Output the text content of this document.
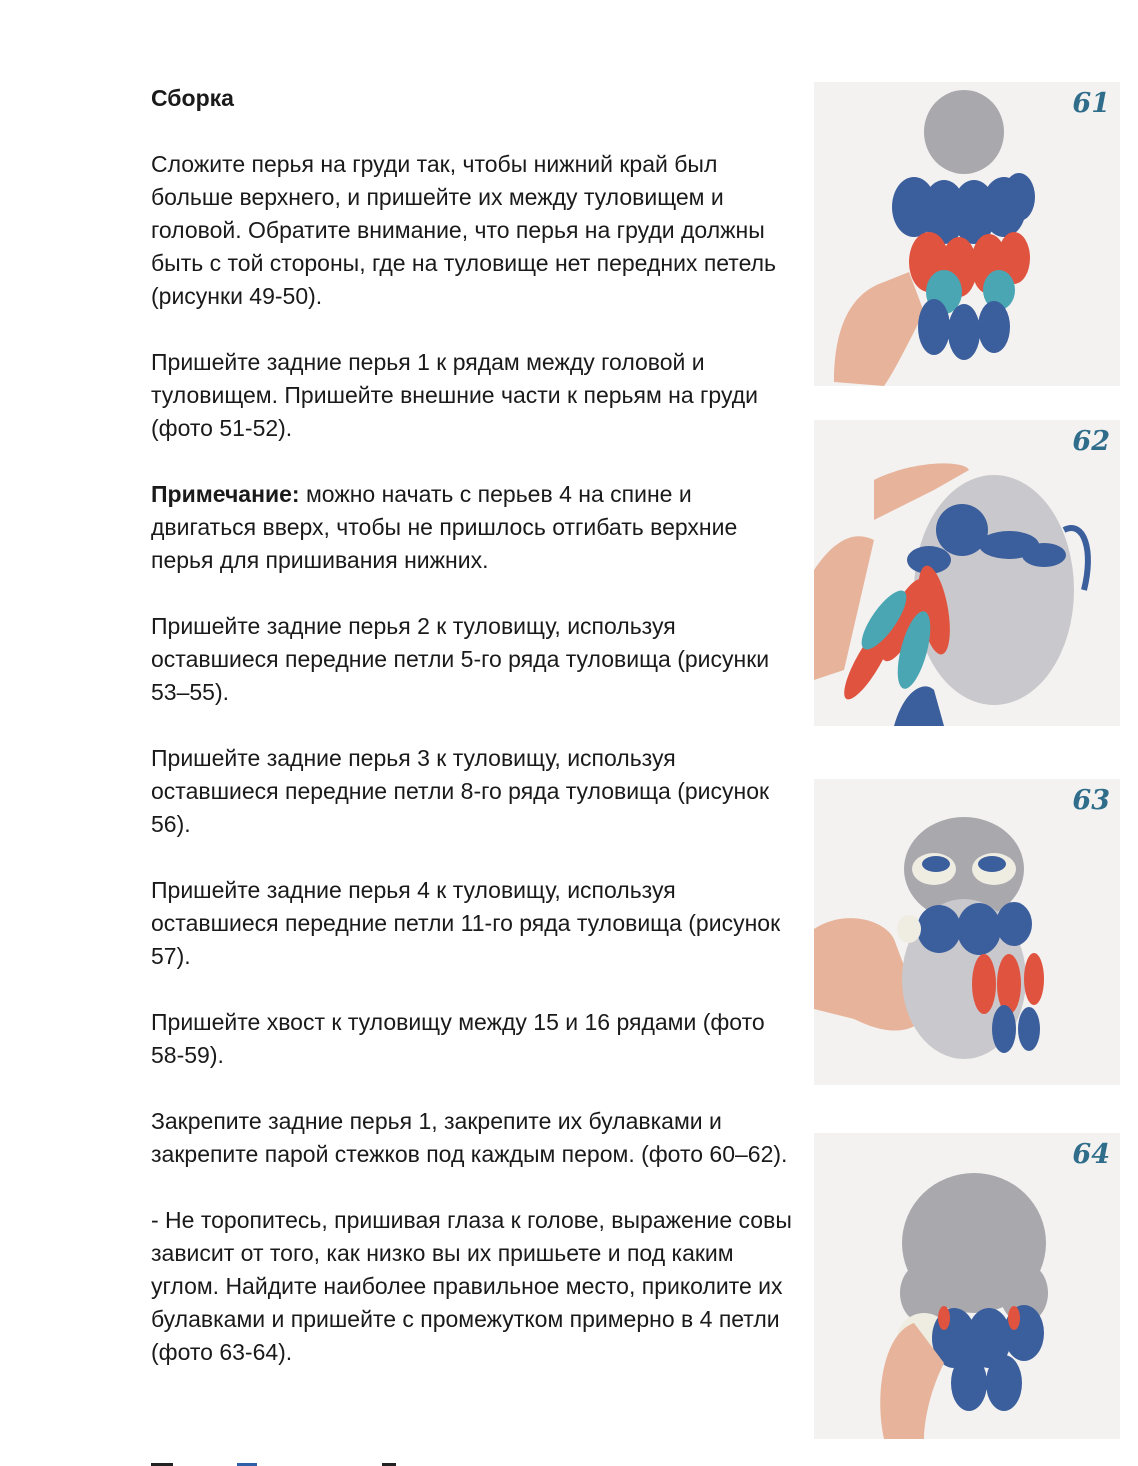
Сборка

Сложите перья на груди так, чтобы нижний край был больше верхнего, и пришейте их между туловищем и головой. Обратите внимание, что перья на груди должны быть с той стороны, где на туловище нет передних петель (рисунки 49-50).

Пришейте задние перья 1 к рядам между головой и туловищем. Пришейте внешние части к перьям на груди (фото 51-52).

Примечание: можно начать с перьев 4 на спине и двигаться вверх, чтобы не пришлось отгибать верхние перья для пришивания нижних.

Пришейте задние перья 2 к туловищу, используя оставшиеся передние петли 5-го ряда туловища (рисунки 53–55).

Пришейте задние перья 3 к туловищу, используя оставшиеся передние петли 8-го ряда туловища (рисунок 56).

Пришейте задние перья 4 к туловищу, используя оставшиеся передние петли 11-го ряда туловища (рисунок 57).

Пришейте хвост к туловищу между 15 и 16 рядами (фото 58-59).

Закрепите задние перья 1, закрепите их булавками и закрепите парой стежков под каждым пером. (фото 60–62).

- Не торопитесь, пришивая глаза к голове, выражение совы зависит от того, как низко вы их пришьете и под каким углом. Найдите наиболее правильное место, приколите их булавками и пришейте с промежутком примерно в 4 петли (фото 63-64).

61
62
63
64
